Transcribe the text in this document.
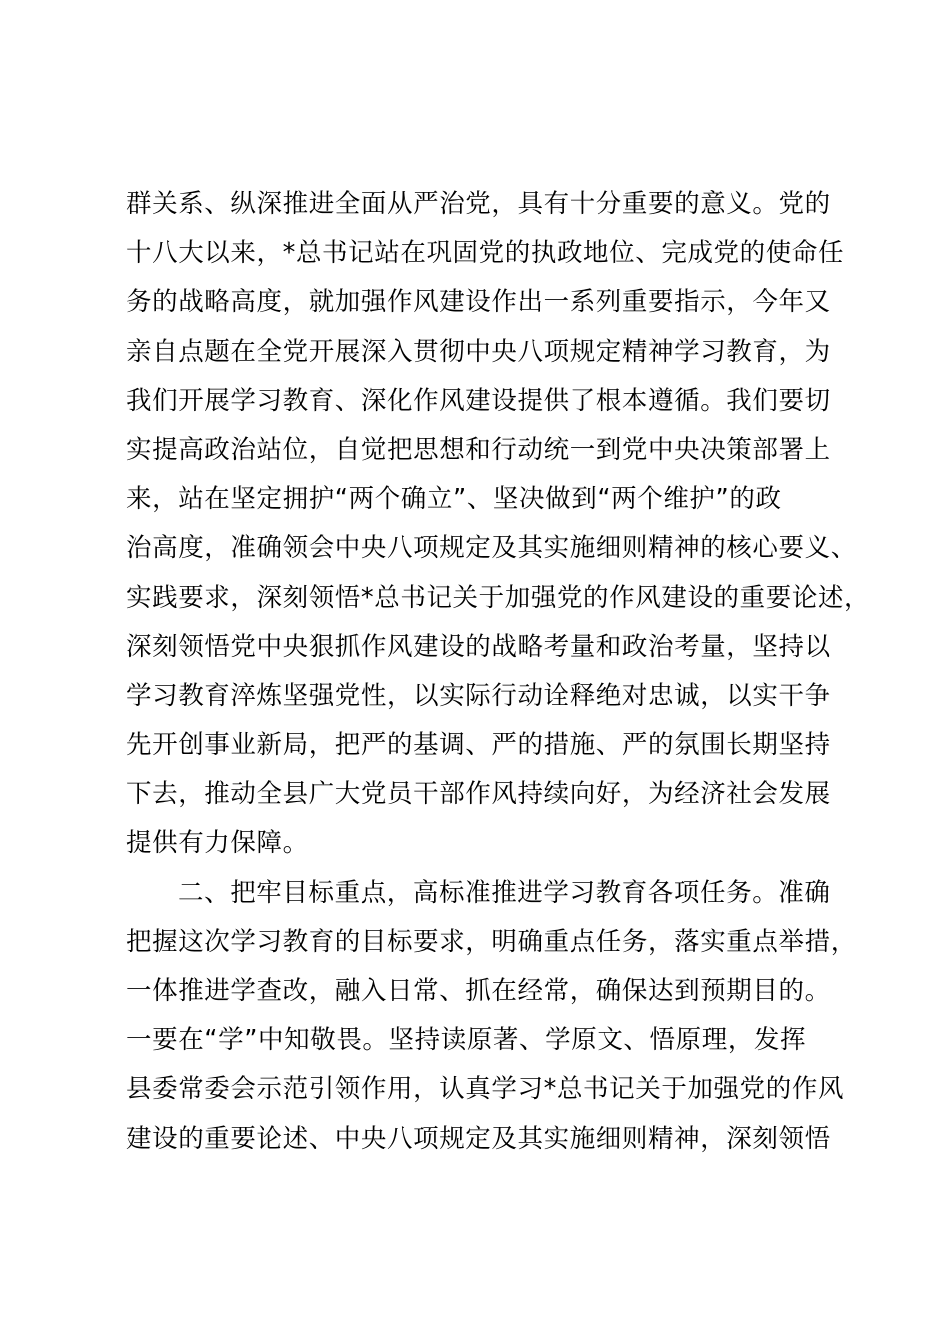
群关系、纵深推进全面从严治党，具有十分重要的意义。党的
十八大以来，*总书记站在巩固党的执政地位、完成党的使命任
务的战略高度，就加强作风建设作出一系列重要指示，今年又
亲自点题在全党开展深入贯彻中央八项规定精神学习教育，为
我们开展学习教育、深化作风建设提供了根本遵循。我们要切
实提高政治站位，自觉把思想和行动统一到党中央决策部署上
来，站在坚定拥护“两个确立”、坚决做到“两个维护”的政
治高度，准确领会中央八项规定及其实施细则精神的核心要义、
实践要求，深刻领悟*总书记关于加强党的作风建设的重要论述，
深刻领悟党中央狠抓作风建设的战略考量和政治考量，坚持以
学习教育淬炼坚强党性，以实际行动诠释绝对忠诚，以实干争
先开创事业新局，把严的基调、严的措施、严的氛围长期坚持
下去，推动全县广大党员干部作风持续向好，为经济社会发展
提供有力保障。
二、把牢目标重点，高标准推进学习教育各项任务。准确
把握这次学习教育的目标要求，明确重点任务，落实重点举措，
一体推进学查改，融入日常、抓在经常，确保达到预期目的。
一要在“学”中知敬畏。坚持读原著、学原文、悟原理，发挥
县委常委会示范引领作用，认真学习*总书记关于加强党的作风
建设的重要论述、中央八项规定及其实施细则精神，深刻领悟
